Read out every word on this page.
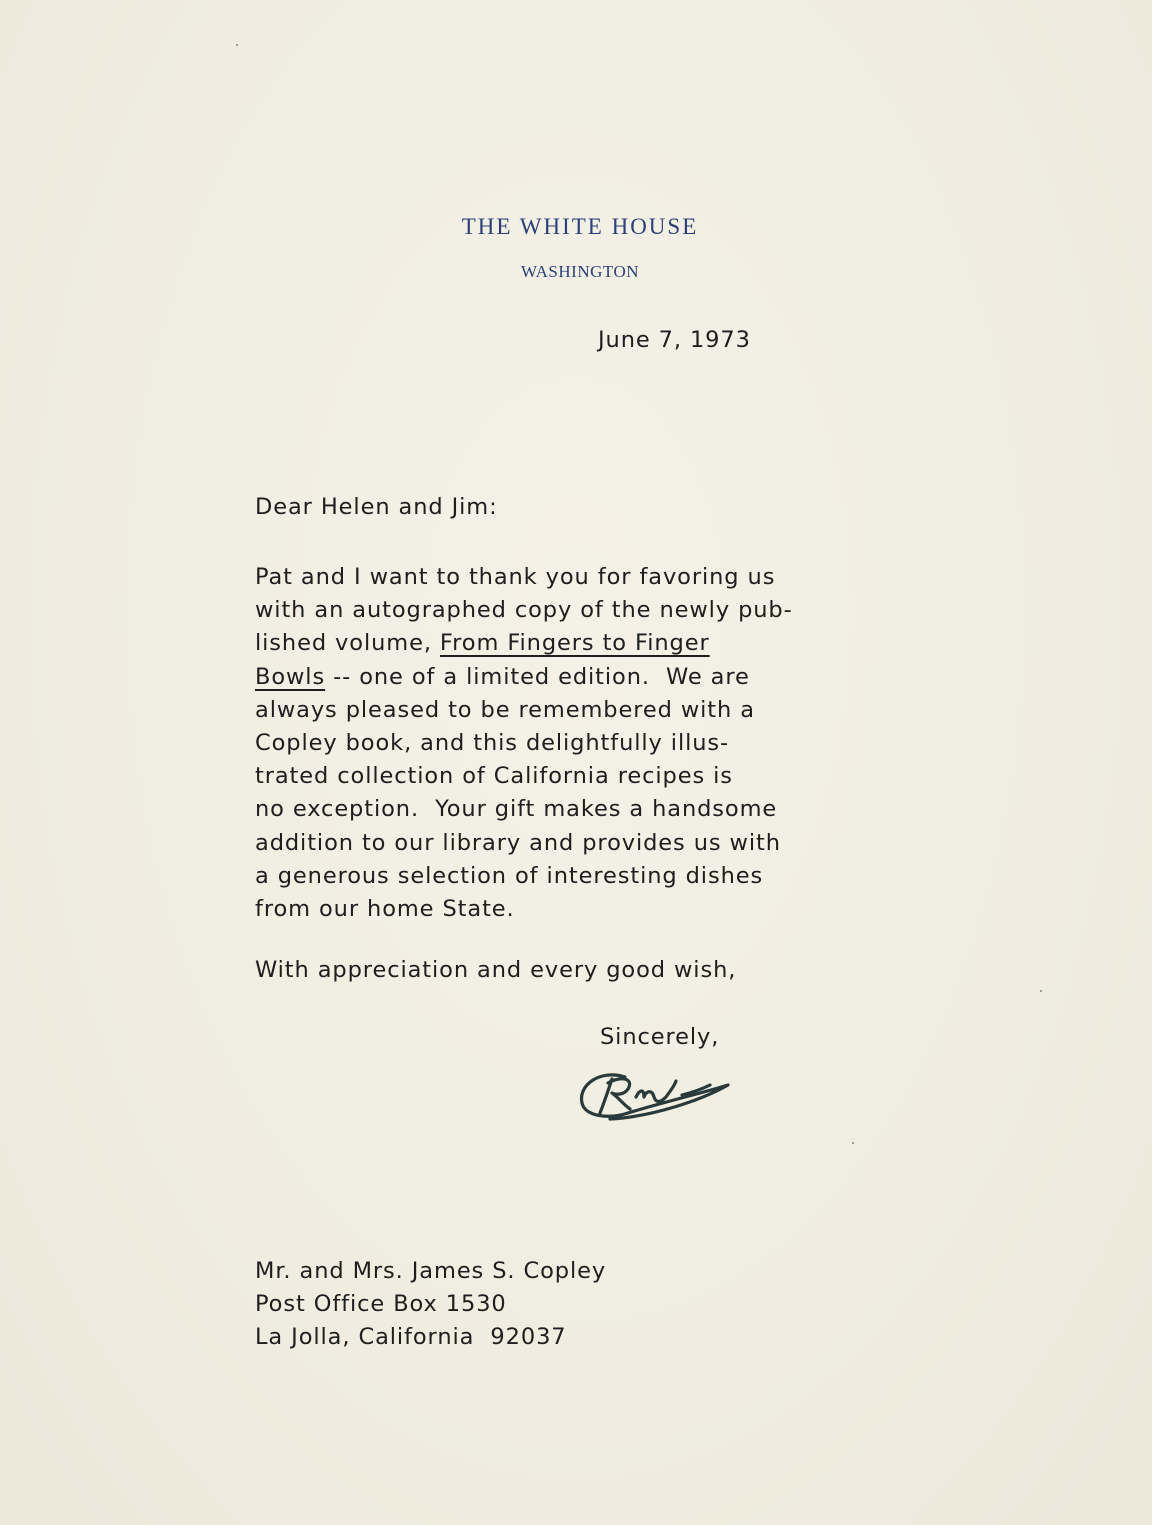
THE WHITE HOUSE
WASHINGTON
June 7, 1973
Dear Helen and Jim:
Pat and I want to thank you for favoring us
with an autographed copy of the newly pub-
lished volume, From Fingers to Finger
Bowls -- one of a limited edition.  We are
always pleased to be remembered with a
Copley book, and this delightfully illus-
trated collection of California recipes is
no exception.  Your gift makes a handsome
addition to our library and provides us with
a generous selection of interesting dishes
from our home State.
With appreciation and every good wish,
Sincerely,
Mr. and Mrs. James S. Copley
Post Office Box 1530
La Jolla, California  92037
